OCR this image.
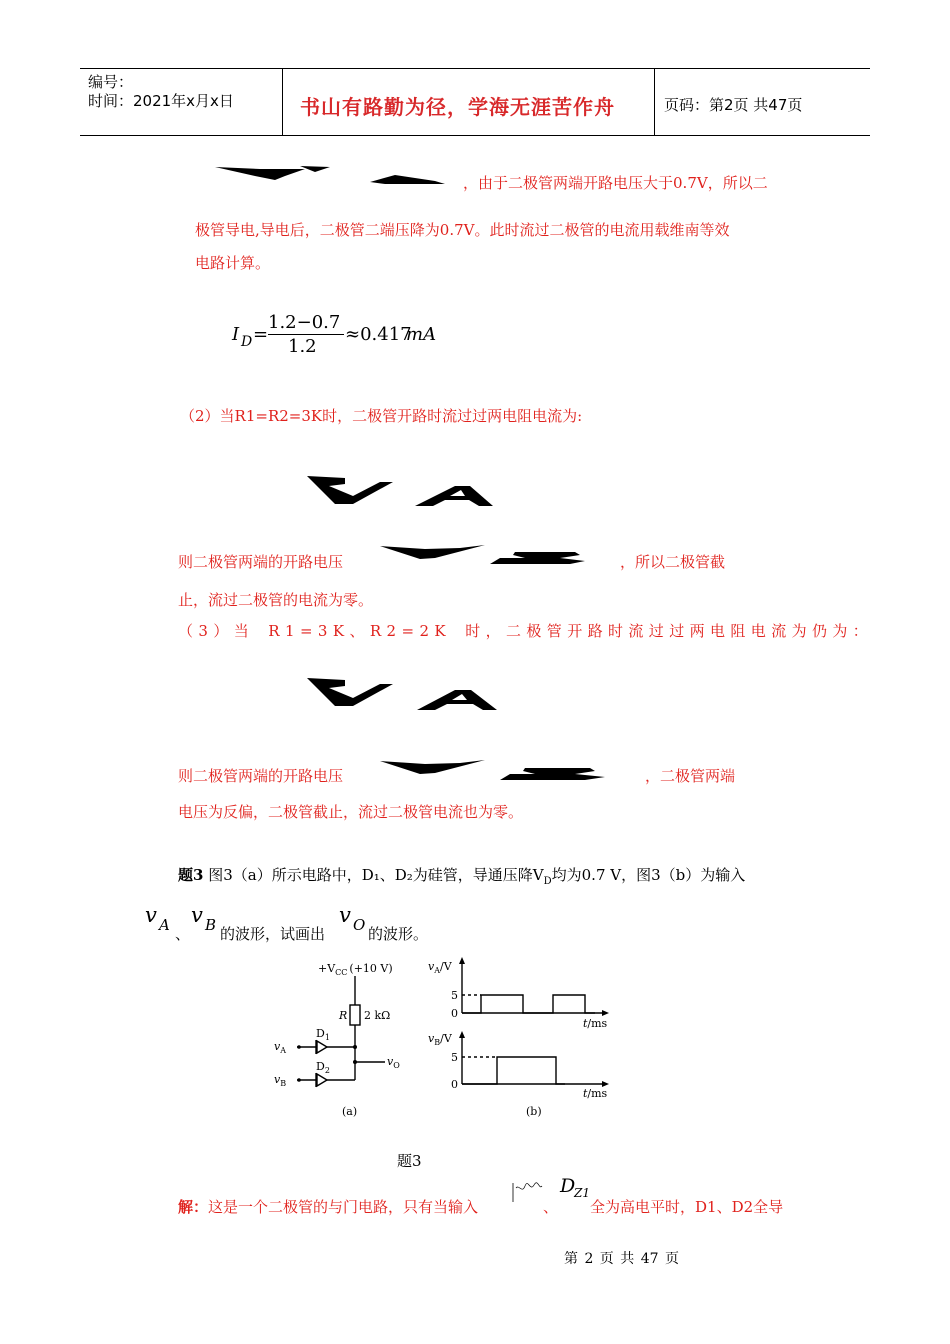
编号：
时间：2021年x月x日	书山有路勤为径，学海无涯苦作舟	页码：第2页 共47页
，由于二极管两端开路电压大于0.7V，所以二
极管导电,导电后，二极管二端压降为0.7V。此时流过二极管的电流用载维南等效
电路计算。
I D =
1.2−0.7
1.2
≈0.417
mA
（2）当R1=R2=3K时，二极管开路时流过过两电阻电流为:
则二极管两端的开路电压	，所以二极管截
止，流过二极管的电流为零。
（3）当 R1=3K、R2=2K 时，二极管开路时流过过两电阻电流为仍为：
则二极管两端的开路电压	，二极管两端
电压为反偏，二极管截止，流过二极管电流也为零。
题3 图3（a）所示电路中，D₁、D₂为硅管，导通压降$V_D$均为0.7 V，图3（b）为输入
v A 、
v B 的波形，试画出
v O 的波形。
$+V_{CC}$ (+10 V)
R 2 kΩ
$D_1$
$D_2$
$v_A$
$v_B$
$v_O$
(a)
$v_A/V$
5
0
t/ms
$v_B/V$
5
0
t/ms
(b)
题3
解：这是一个二极管的与门电路，只有当输入	、
D
Z1
全为高电平时，D1、D2全导
第 2 页 共 47 页
